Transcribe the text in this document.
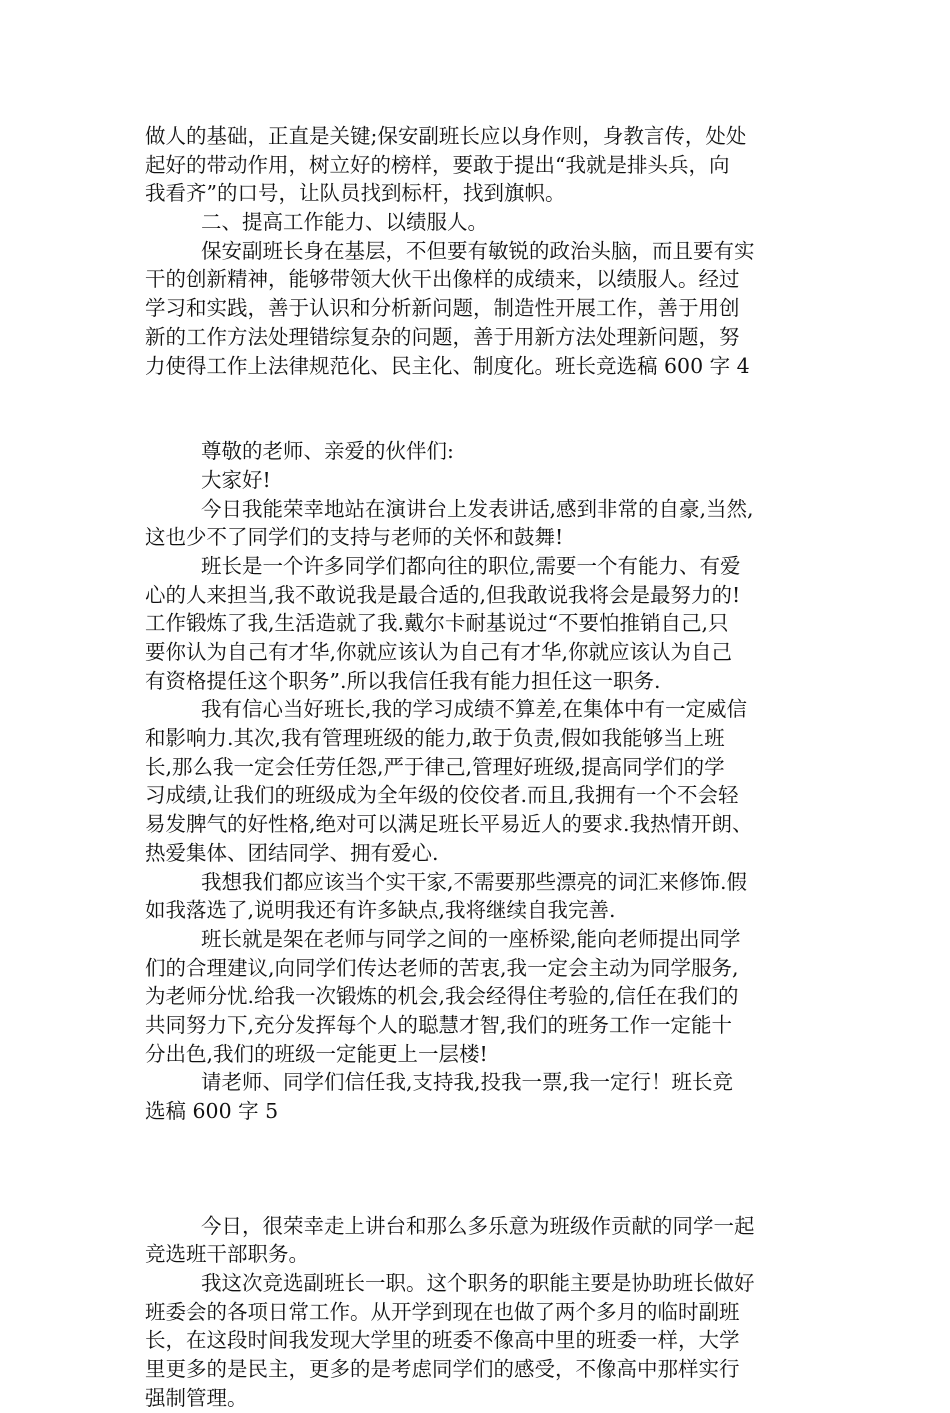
做人的基础，正直是关键;保安副班长应以身作则，身教言传，处处
起好的带动作用，树立好的榜样，要敢于提出“我就是排头兵，向
我看齐”的口号，让队员找到标杆，找到旗帜。
二、提高工作能力、以绩服人。
保安副班长身在基层，不但要有敏锐的政治头脑，而且要有实
干的创新精神，能够带领大伙干出像样的成绩来，以绩服人。经过
学习和实践，善于认识和分析新问题，制造性开展工作，善于用创
新的工作方法处理错综复杂的问题，善于用新方法处理新问题，努
力使得工作上法律规范化、民主化、制度化。班长竞选稿 600 字 4
尊敬的老师、亲爱的伙伴们:
大家好!
今日我能荣幸地站在演讲台上发表讲话,感到非常的自豪,当然,
这也少不了同学们的支持与老师的关怀和鼓舞!
班长是一个许多同学们都向往的职位,需要一个有能力、有爱
心的人来担当,我不敢说我是最合适的,但我敢说我将会是最努力的!
工作锻炼了我,生活造就了我.戴尔卡耐基说过“不要怕推销自己,只
要你认为自己有才华,你就应该认为自己有才华,你就应该认为自己
有资格提任这个职务”.所以我信任我有能力担任这一职务.
我有信心当好班长,我的学习成绩不算差,在集体中有一定威信
和影响力.其次,我有管理班级的能力,敢于负责,假如我能够当上班
长,那么我一定会任劳任怨,严于律己,管理好班级,提高同学们的学
习成绩,让我们的班级成为全年级的佼佼者.而且,我拥有一个不会轻
易发脾气的好性格,绝对可以满足班长平易近人的要求.我热情开朗、
热爱集体、团结同学、拥有爱心.
我想我们都应该当个实干家,不需要那些漂亮的词汇来修饰.假
如我落选了,说明我还有许多缺点,我将继续自我完善.
班长就是架在老师与同学之间的一座桥梁,能向老师提出同学
们的合理建议,向同学们传达老师的苦衷,我一定会主动为同学服务,
为老师分忧.给我一次锻炼的机会,我会经得住考验的,信任在我们的
共同努力下,充分发挥每个人的聪慧才智,我们的班务工作一定能十
分出色,我们的班级一定能更上一层楼!
请老师、同学们信任我,支持我,投我一票,我一定行！班长竞
选稿 600 字 5
今日，很荣幸走上讲台和那么多乐意为班级作贡献的同学一起
竞选班干部职务。
我这次竞选副班长一职。这个职务的职能主要是协助班长做好
班委会的各项日常工作。从开学到现在也做了两个多月的临时副班
长，在这段时间我发现大学里的班委不像高中里的班委一样，大学
里更多的是民主，更多的是考虑同学们的感受，不像高中那样实行
强制管理。
